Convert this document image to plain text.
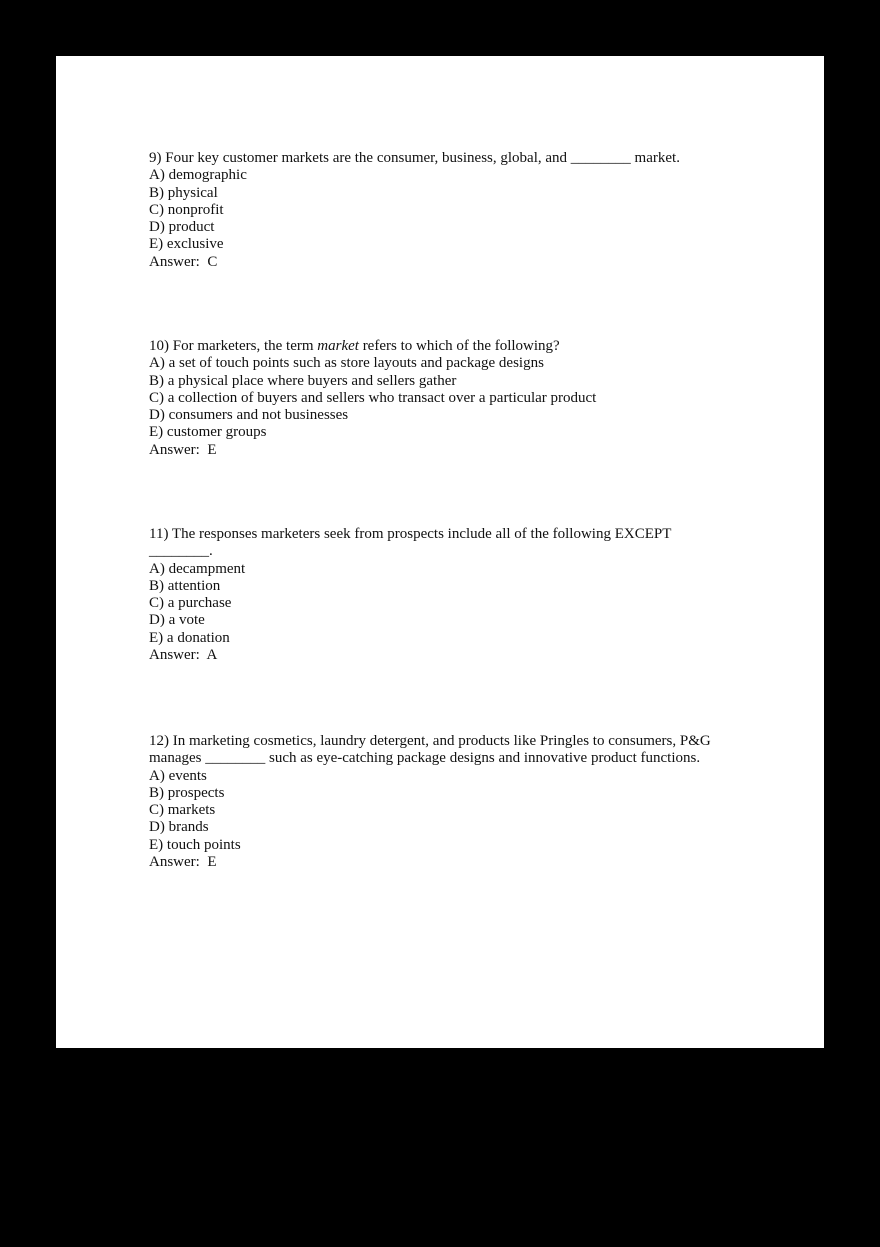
9) Four key customer markets are the consumer, business, global, and ________ market.
A) demographic
B) physical
C) nonprofit
D) product
E) exclusive
Answer:  C
10) For marketers, the term market refers to which of the following?
A) a set of touch points such as store layouts and package designs
B) a physical place where buyers and sellers gather
C) a collection of buyers and sellers who transact over a particular product
D) consumers and not businesses
E) customer groups
Answer:  E
11) The responses marketers seek from prospects include all of the following EXCEPT
________.
A) decampment
B) attention
C) a purchase
D) a vote
E) a donation
Answer:  A
12) In marketing cosmetics, laundry detergent, and products like Pringles to consumers, P&G
manages ________ such as eye-catching package designs and innovative product functions.
A) events
B) prospects
C) markets
D) brands
E) touch points
Answer:  E
